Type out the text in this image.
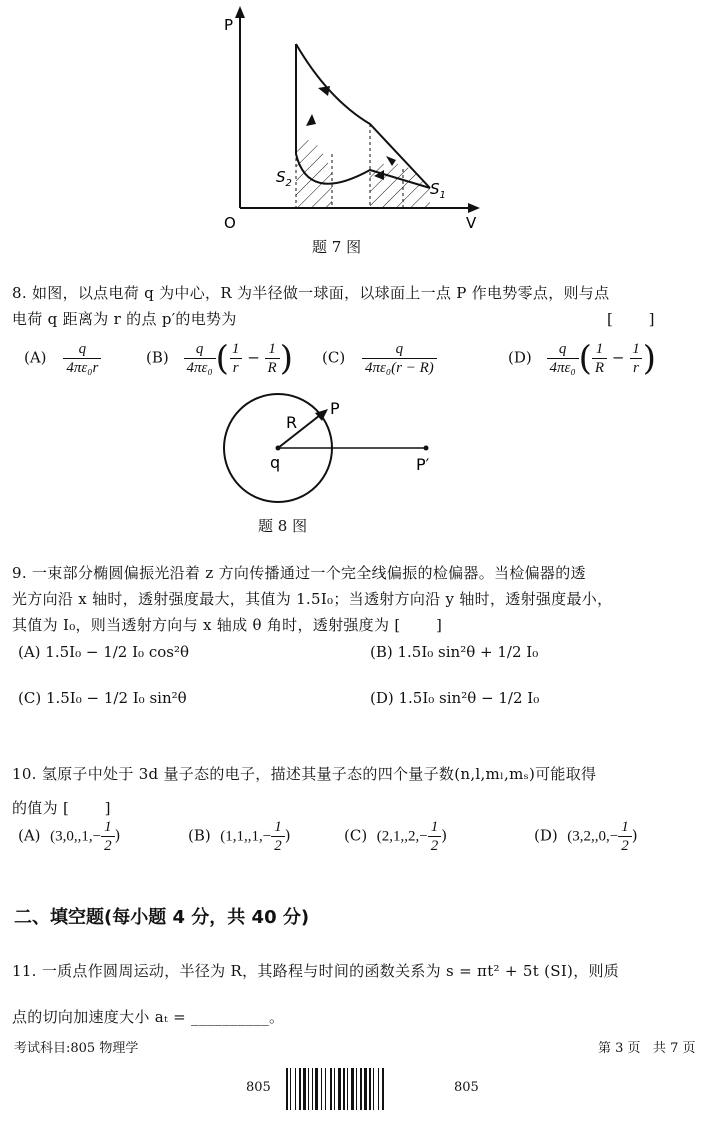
P
V
O
$S_2$	$S_1$
题 7 图
8. 如图，以点电荷 q 为中心，R 为半径做一球面，以球面上一点 P 作电势零点，则与点
电荷 q 距离为 r 的点 p′的电势为	[       ]
$(A) \frac{q}{\text{4πε₀r}}$	$(B) \frac{q}{\text{4πε₀}}$ ( $\frac{1}{r} - \frac{1}{R}$ ) $(C) \frac{q}{\text{4πε₀(r − R)}}$	$(D) \frac{q}{\text{4πε₀}}$ ( $\frac{1}{R} - \frac{1}{r}$ )
R
P
q	P′
题 8 图
9. 一束部分椭圆偏振光沿着 z 方向传播通过一个完全线偏振的检偏器。当检偏器的透
光方向沿 x 轴时，透射强度最大，其值为 1.5I₀；当透射方向沿 y 轴时，透射强度最小，
其值为 I₀，则当透射方向与 x 轴成 θ 角时，透射强度为 [       ]
(A) 1.5I₀ − 1/2 I₀ cos²θ	(B) 1.5I₀ sin²θ + 1/2 I₀
(C) 1.5I₀ − 1/2 I₀ sin²θ	(D) 1.5I₀ sin²θ − 1/2 I₀
10. 氢原子中处于 3d 量子态的电子，描述其量子态的四个量子数(n,l,mₗ,mₛ)可能取得
的值为 [       ]
(A) ($3,0,,1,- \frac{1}{2}$ )	(B) ($1,1,,1,- \frac{1}{2}$ )	(C) ($2,1,,2,- \frac{1}{2}$ )	(D) ($3,2,,0,- \frac{1}{2}$ )
二、填空题(每小题 4 分，共 40 分)
11. 一质点作圆周运动，半径为 R，其路程与时间的函数关系为 s = πt² + 5t (SI)，则质
点的切向加速度大小 aₜ = __________。
考试科目:805 物理学	第 3 页   共 7 页
805	805
